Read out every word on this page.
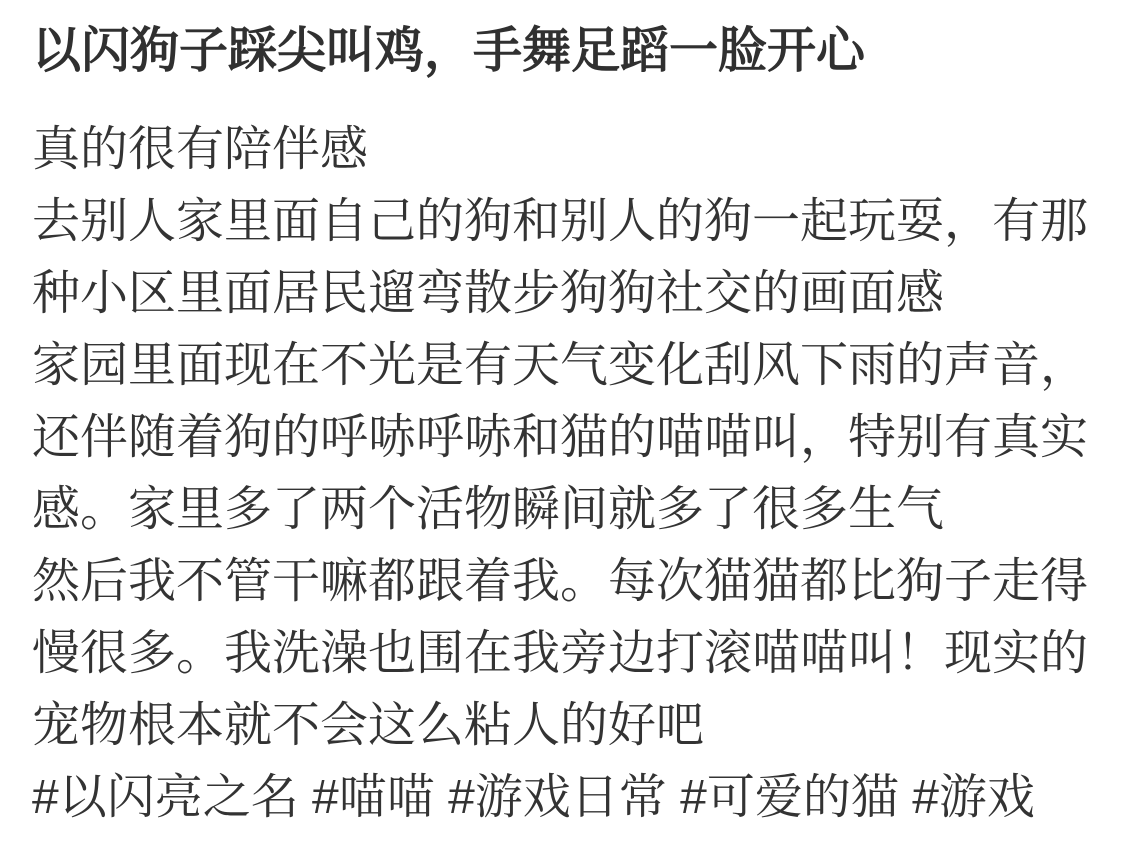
以闪狗子踩尖叫鸡，手舞足蹈一脸开心
真的很有陪伴感
去别人家里面自己的狗和别人的狗一起玩耍，有那
种小区里面居民遛弯散步狗狗社交的画面感
家园里面现在不光是有天气变化刮风下雨的声音，
还伴随着狗的呼哧呼哧和猫的喵喵叫，特别有真实
感。家里多了两个活物瞬间就多了很多生气
然后我不管干嘛都跟着我。每次猫猫都比狗子走得
慢很多。我洗澡也围在我旁边打滚喵喵叫！现实的
宠物根本就不会这么粘人的好吧
#以闪亮之名 #喵喵 #游戏日常 #可爱的猫 #游戏
